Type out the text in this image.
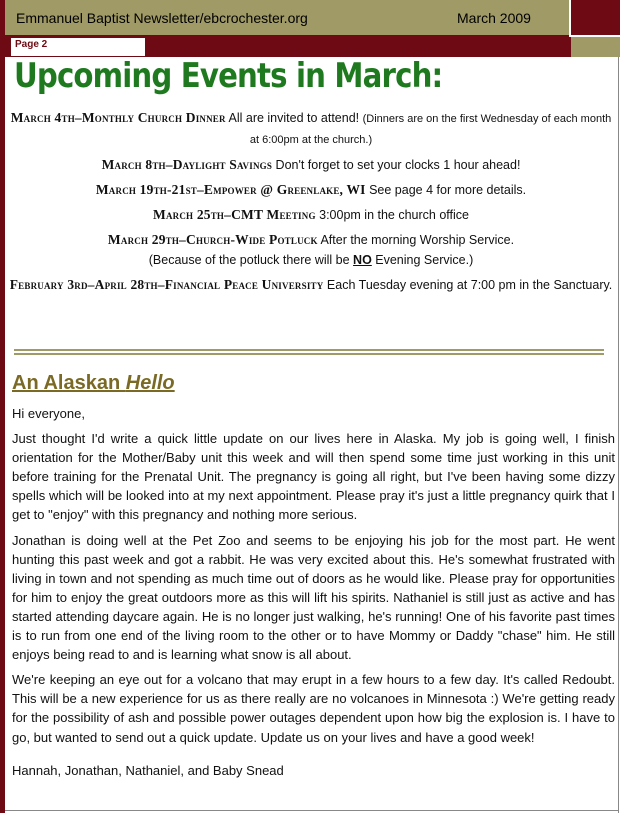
Emmanuel Baptist Newsletter/ebcrochester.org	March 2009
Page 2
Upcoming Events in March:
March 4th–Monthly Church Dinner All are invited to attend! (Dinners are on the first Wednesday of each month at 6:00pm at the church.)
March 8th–Daylight Savings Don't forget to set your clocks 1 hour ahead!
March 19th-21st–Empower @ Greenlake, WI See page 4 for more details.
March 25th–CMT Meeting 3:00pm in the church office
March 29th–Church-Wide Potluck After the morning Worship Service.
(Because of the potluck there will be NO Evening Service.)
February 3rd–April 28th–Financial Peace University Each Tuesday evening at 7:00 pm in the Sanctuary.
An Alaskan Hello

Hi everyone,

Just thought I'd write a quick little update on our lives here in Alaska. My job is going well, I finish orientation for the Mother/Baby unit this week and will then spend some time just working in this unit before training for the Prenatal Unit. The pregnancy is going all right, but I've been having some dizzy spells which will be looked into at my next appointment. Please pray it's just a little pregnancy quirk that I get to "enjoy" with this pregnancy and nothing more serious.

Jonathan is doing well at the Pet Zoo and seems to be enjoying his job for the most part. He went hunting this past week and got a rabbit. He was very excited about this. He's somewhat frustrated with living in town and not spending as much time out of doors as he would like. Please pray for opportunities for him to enjoy the great outdoors more as this will lift his spirits. Nathaniel is still just as active and has started attending daycare again. He is no longer just walking, he's running! One of his favorite past times is to run from one end of the living room to the other or to have Mommy or Daddy "chase" him. He still enjoys being read to and is learning what snow is all about.

We're keeping an eye out for a volcano that may erupt in a few hours to a few day. It's called Redoubt. This will be a new experience for us as there really are no volcanoes in Minnesota :) We're getting ready for the possibility of ash and possible power outages dependent upon how big the explosion is. I have to go, but wanted to send out a quick update. Update us on your lives and have a good week!

Hannah, Jonathan, Nathaniel, and Baby Snead
